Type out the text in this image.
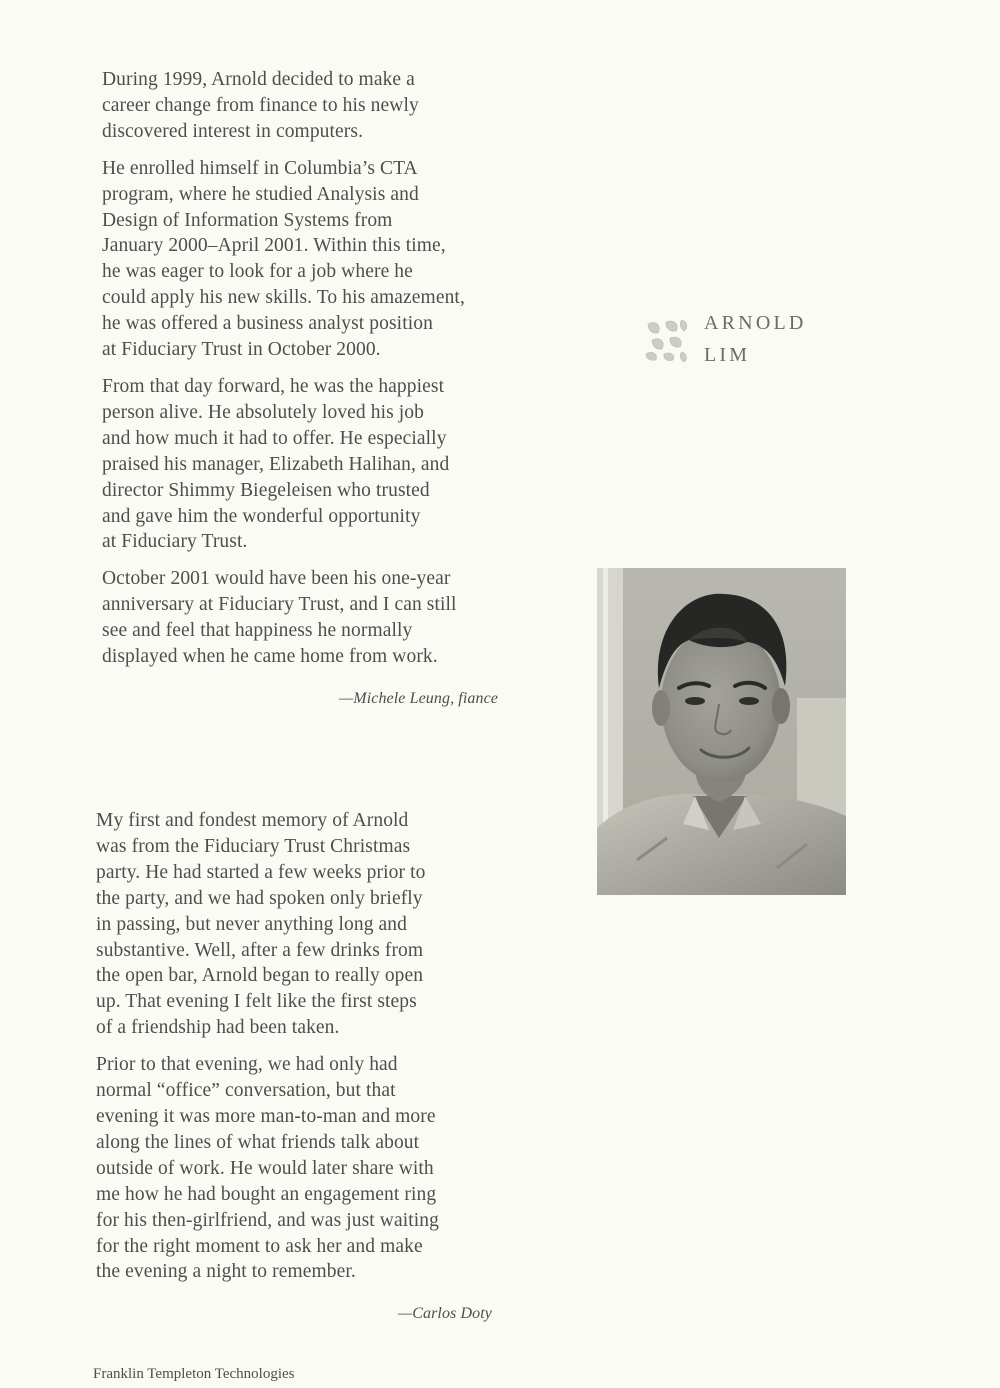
During 1999, Arnold decided to make a
career change from finance to his newly
discovered interest in computers.

He enrolled himself in Columbia’s CTA
program, where he studied Analysis and
Design of Information Systems from
January 2000–April 2001. Within this time,
he was eager to look for a job where he
could apply his new skills. To his amazement,
he was offered a business analyst position
at Fiduciary Trust in October 2000.

From that day forward, he was the happiest
person alive. He absolutely loved his job
and how much it had to offer. He especially
praised his manager, Elizabeth Halihan, and
director Shimmy Biegeleisen who trusted
and gave him the wonderful opportunity
at Fiduciary Trust.

October 2001 would have been his one-year
anniversary at Fiduciary Trust, and I can still
see and feel that happiness he normally
displayed when he came home from work.

—Michele Leung, fiance

My first and fondest memory of Arnold
was from the Fiduciary Trust Christmas
party. He had started a few weeks prior to
the party, and we had spoken only briefly
in passing, but never anything long and
substantive. Well, after a few drinks from
the open bar, Arnold began to really open
up. That evening I felt like the first steps
of a friendship had been taken.

Prior to that evening, we had only had
normal “office” conversation, but that
evening it was more man-to-man and more
along the lines of what friends talk about
outside of work. He would later share with
me how he had bought an engagement ring
for his then-girlfriend, and was just waiting
for the right moment to ask her and make
the evening a night to remember.

—Carlos Doty
ARNOLD
LIM
Franklin Templeton Technologies
